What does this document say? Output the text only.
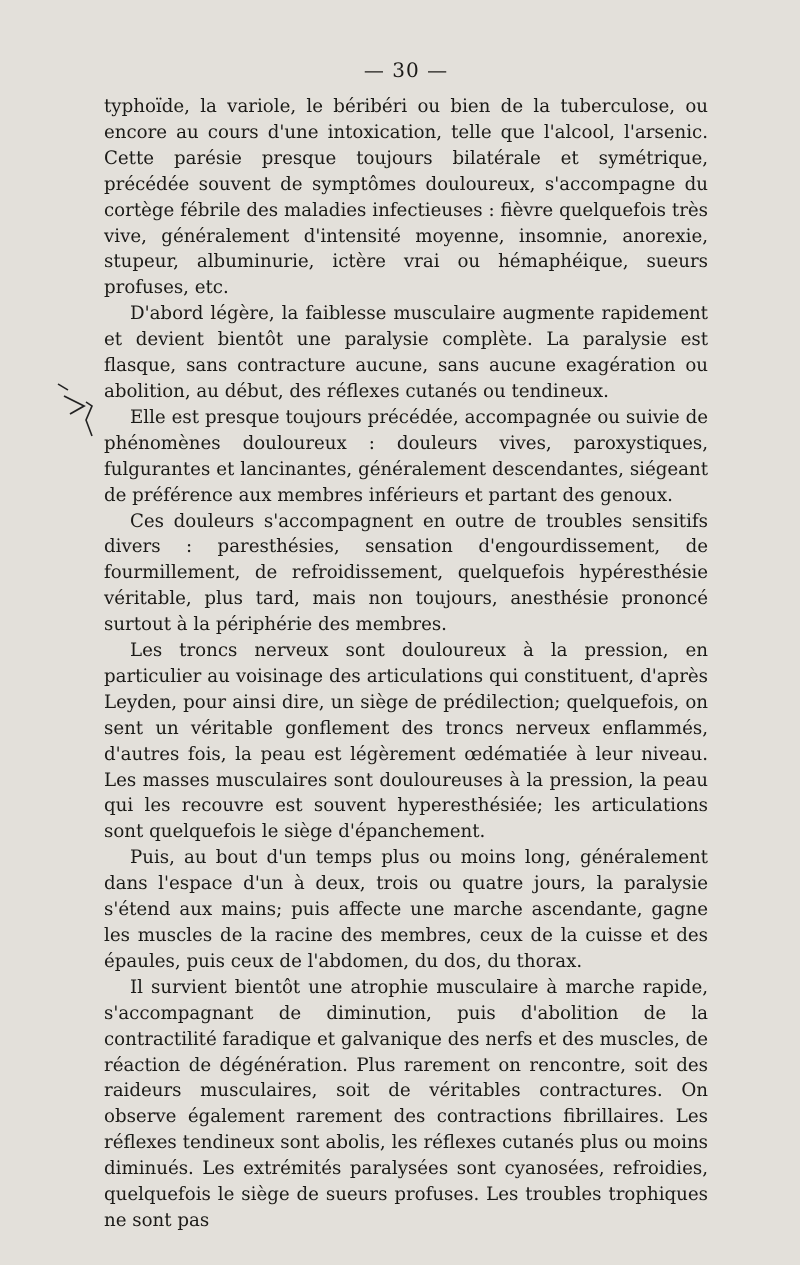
— 30 —

typhoïde, la variole, le béribéri ou bien de la tuberculose, ou encore au cours d'une intoxication, telle que l'alcool, l'arsenic. Cette parésie presque toujours bilatérale et symétrique, précédée souvent de symptômes douloureux, s'accompagne du cortège fébrile des maladies infectieuses : fièvre quelquefois très vive, généralement d'intensité moyenne, insomnie, anorexie, stupeur, albuminurie, ictère vrai ou hémaphéique, sueurs profuses, etc.

D'abord légère, la faiblesse musculaire augmente rapidement et devient bientôt une paralysie complète. La paralysie est flasque, sans contracture aucune, sans aucune exagération ou abolition, au début, des réflexes cutanés ou tendineux.

Elle est presque toujours précédée, accompagnée ou suivie de phénomènes douloureux : douleurs vives, paroxystiques, fulgurantes et lancinantes, généralement descendantes, siégeant de préférence aux membres inférieurs et partant des genoux.

Ces douleurs s'accompagnent en outre de troubles sensitifs divers : paresthésies, sensation d'engourdissement, de fourmillement, de refroidissement, quelquefois hypéresthésie véritable, plus tard, mais non toujours, anesthésie prononcé surtout à la périphérie des membres.

Les troncs nerveux sont douloureux à la pression, en particulier au voisinage des articulations qui constituent, d'après Leyden, pour ainsi dire, un siège de prédilection; quelquefois, on sent un véritable gonflement des troncs nerveux enflammés, d'autres fois, la peau est légèrement œdématiée à leur niveau. Les masses musculaires sont douloureuses à la pression, la peau qui les recouvre est souvent hyperesthésiée; les articulations sont quelquefois le siège d'épanchement.

Puis, au bout d'un temps plus ou moins long, généralement dans l'espace d'un à deux, trois ou quatre jours, la paralysie s'étend aux mains; puis affecte une marche ascendante, gagne les muscles de la racine des membres, ceux de la cuisse et des épaules, puis ceux de l'abdomen, du dos, du thorax.

Il survient bientôt une atrophie musculaire à marche rapide, s'accompagnant de diminution, puis d'abolition de la contractilité faradique et galvanique des nerfs et des muscles, de réaction de dégénération. Plus rarement on rencontre, soit des raideurs musculaires, soit de véritables contractures. On observe également rarement des contractions fibrillaires. Les réflexes tendineux sont abolis, les réflexes cutanés plus ou moins diminués. Les extrémités paralysées sont cyanosées, refroidies, quelquefois le siège de sueurs profuses. Les troubles trophiques ne sont pas
